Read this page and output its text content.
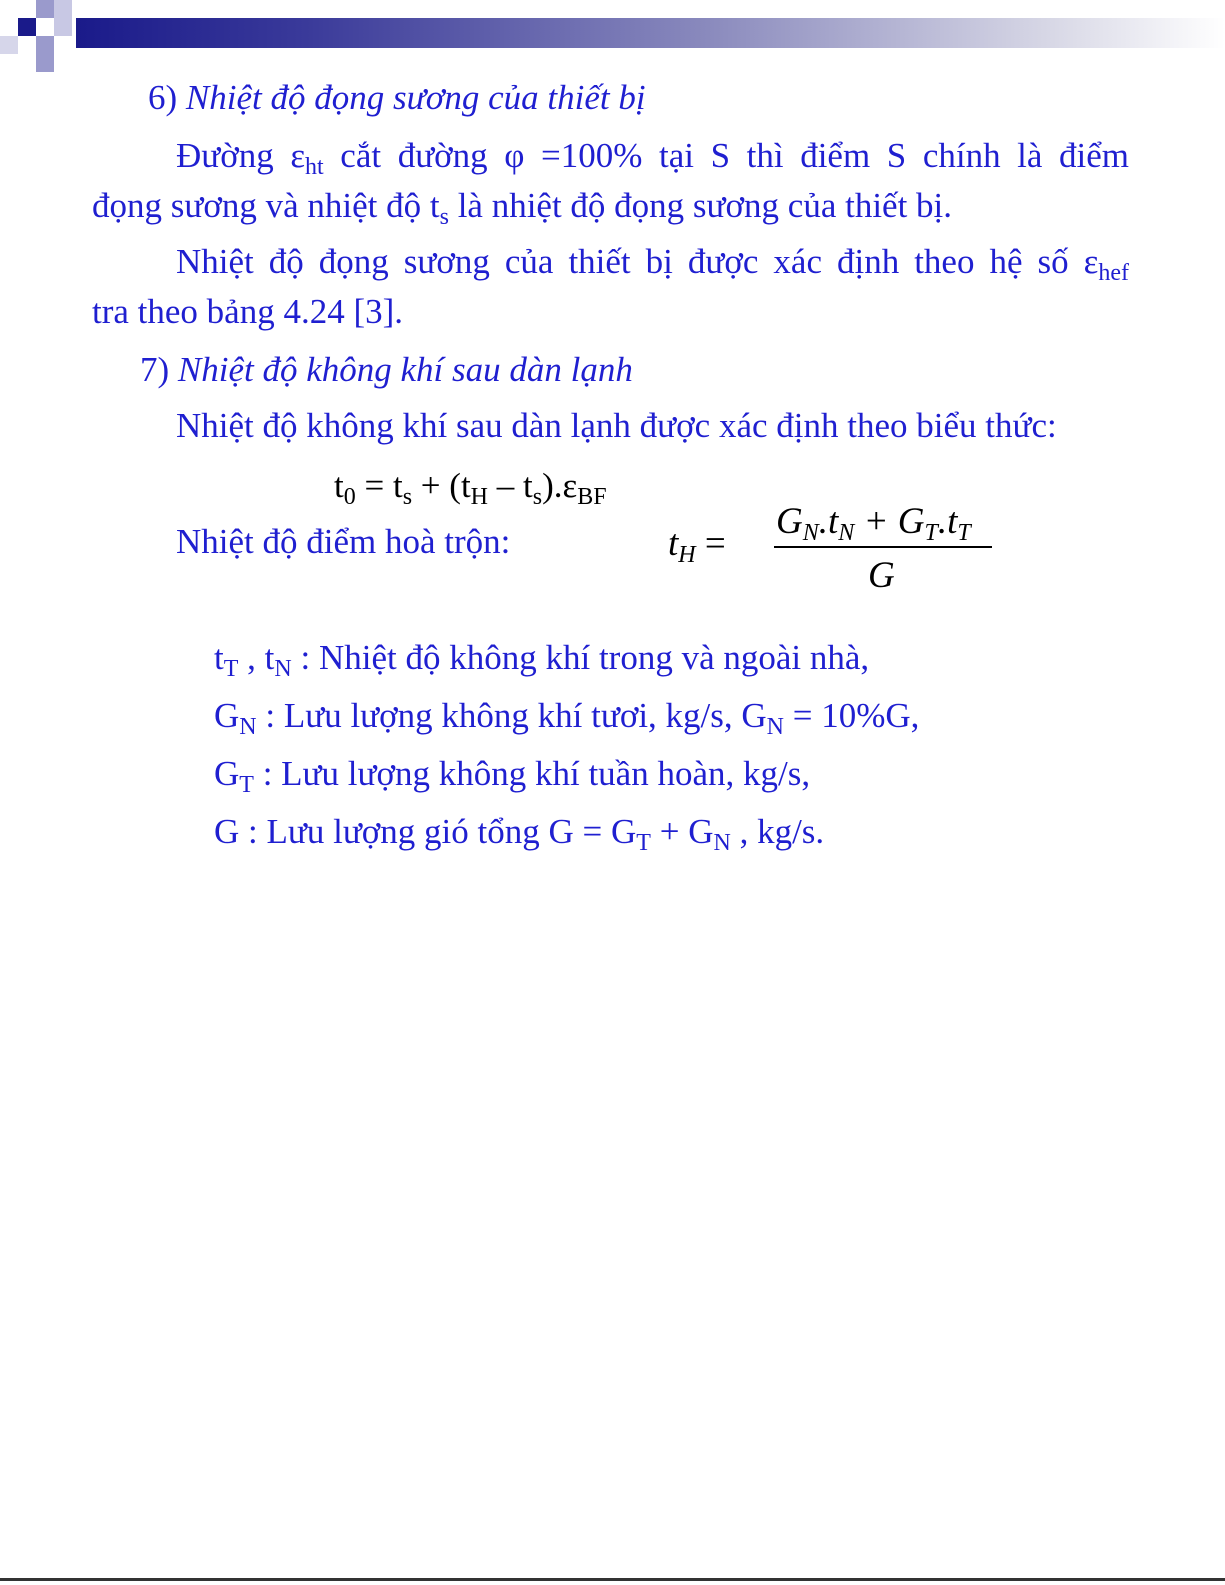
6) Nhiệt độ đọng sương của thiết bị
Đường $\varepsilon_{ht}$ cắt đường φ =100% tại S thì điểm S chính là điểm
đọng sương và nhiệt độ $t_s$ là nhiệt độ đọng sương của thiết bị.
Nhiệt độ đọng sương của thiết bị được xác định theo hệ số $\varepsilon_{hef}$
tra theo bảng 4.24 [3].
7) Nhiệt độ không khí sau dàn lạnh
Nhiệt độ không khí sau dàn lạnh được xác định theo biểu thức:
$t_0 = t_s + (t_H - t_s).\varepsilon_{BF}$
Nhiệt độ điểm hoà trộn:	$t_H$ =
$G_N.t_N + G_T.t_T$
G
$t_T$ , $t_N$ : Nhiệt độ không khí trong và ngoài nhà,
$G_N$ : Lưu lượng không khí tươi, kg/s, $G_N = 10\%G$,
$G_T$ : Lưu lượng không khí tuần hoàn, kg/s,
G : Lưu lượng gió tổng $G = G_T + G_N$ , kg/s.
